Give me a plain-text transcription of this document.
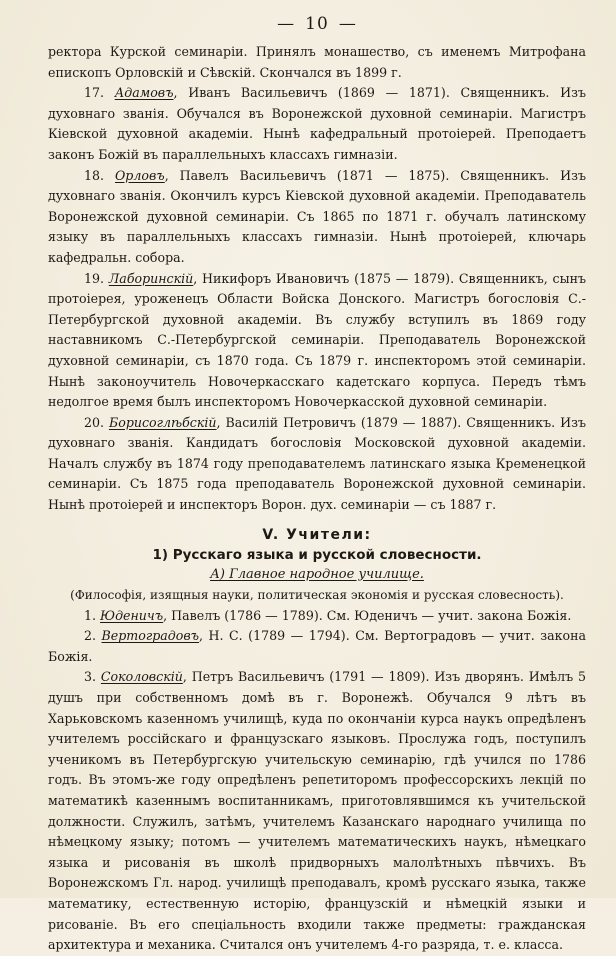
— 10 —

ректора Курской семинаріи. Принялъ монашество, съ именемъ Митрофана епископъ Орловскій и Сѣвскій. Скончался въ 1899 г.

17. Адамовъ, Иванъ Васильевичъ (1869 — 1871). Священникъ. Изъ духовнаго званія. Обучался въ Воронежской духовной семинаріи. Магистръ Кіевской духовной академіи. Нынѣ кафедральный протоіерей. Преподаетъ законъ Божій въ параллельныхъ классахъ гимназіи.

18. Орловъ, Павелъ Васильевичъ (1871 — 1875). Священникъ. Изъ духовнаго званія. Окончилъ курсъ Кіевской духовной академіи. Преподаватель Воронежской духовной семинаріи. Съ 1865 по 1871 г. обучалъ латинскому языку въ параллельныхъ классахъ гимназіи. Нынѣ протоіерей, ключарь кафедральн. собора.

19. Лаборинскій, Никифоръ Ивановичъ (1875 — 1879). Священникъ, сынъ протоіерея, уроженецъ Области Войска Донского. Магистръ богословія С.-Петербургской духовной академіи. Въ службу вступилъ въ 1869 году наставникомъ С.-Петербургской семинаріи. Преподаватель Воронежской духовной семинаріи, съ 1870 года. Съ 1879 г. инспекторомъ этой семинаріи. Нынѣ законоучитель Новочеркасскаго кадетскаго корпуса. Передъ тѣмъ недолгое время былъ инспекторомъ Новочеркасской духовной семинаріи.

20. Борисоглѣбскій, Василій Петровичъ (1879 — 1887). Священникъ. Изъ духовнаго званія. Кандидатъ богословія Московской духовной академіи. Началъ службу въ 1874 году преподавателемъ латинскаго языка Кременецкой семинаріи. Съ 1875 года преподаватель Воронежской духовной семинаріи. Нынѣ протоіерей и инспекторъ Ворон. дух. семинаріи — съ 1887 г.

V. Учители:
1) Русскаго языка и русской словесности.
А) Главное народное училище.
(Философія, изящныя науки, политическая экономія и русская словесность).

1. Юденичъ, Павелъ (1786 — 1789). См. Юденичъ — учит. закона Божія.

2. Вертоградовъ, Н. С. (1789 — 1794). См. Вертоградовъ — учит. закона Божія.

3. Соколовскій, Петръ Васильевичъ (1791 — 1809). Изъ дворянъ. Имѣлъ 5 душъ при собственномъ домѣ въ г. Воронежѣ. Обучался 9 лѣтъ въ Харьковскомъ казенномъ училищѣ, куда по окончаніи курса наукъ опредѣленъ учителемъ россійскаго и французскаго языковъ. Прослужа годъ, поступилъ ученикомъ въ Петербургскую учительскую семинарію, гдѣ учился по 1786 годъ. Въ этомъ-же году опредѣленъ репетиторомъ профессорскихъ лекцій по математикѣ казеннымъ воспитанникамъ, приготовлявшимся къ учительской должности. Служилъ, затѣмъ, учителемъ Казанскаго народнаго училища по нѣмецкому языку; потомъ — учителемъ математическихъ наукъ, нѣмецкаго языка и рисованія въ школѣ придворныхъ малолѣтныхъ пѣвчихъ. Въ Воронежскомъ Гл. народ. училищѣ преподавалъ, кромѣ русскаго языка, также математику, естественную исторію, французскій и нѣмецкій языки и рисованіе. Въ его спеціальность входили также предметы: гражданская архитектура и механика. Считался онъ учителемъ 4-го разряда, т. е. класса.
